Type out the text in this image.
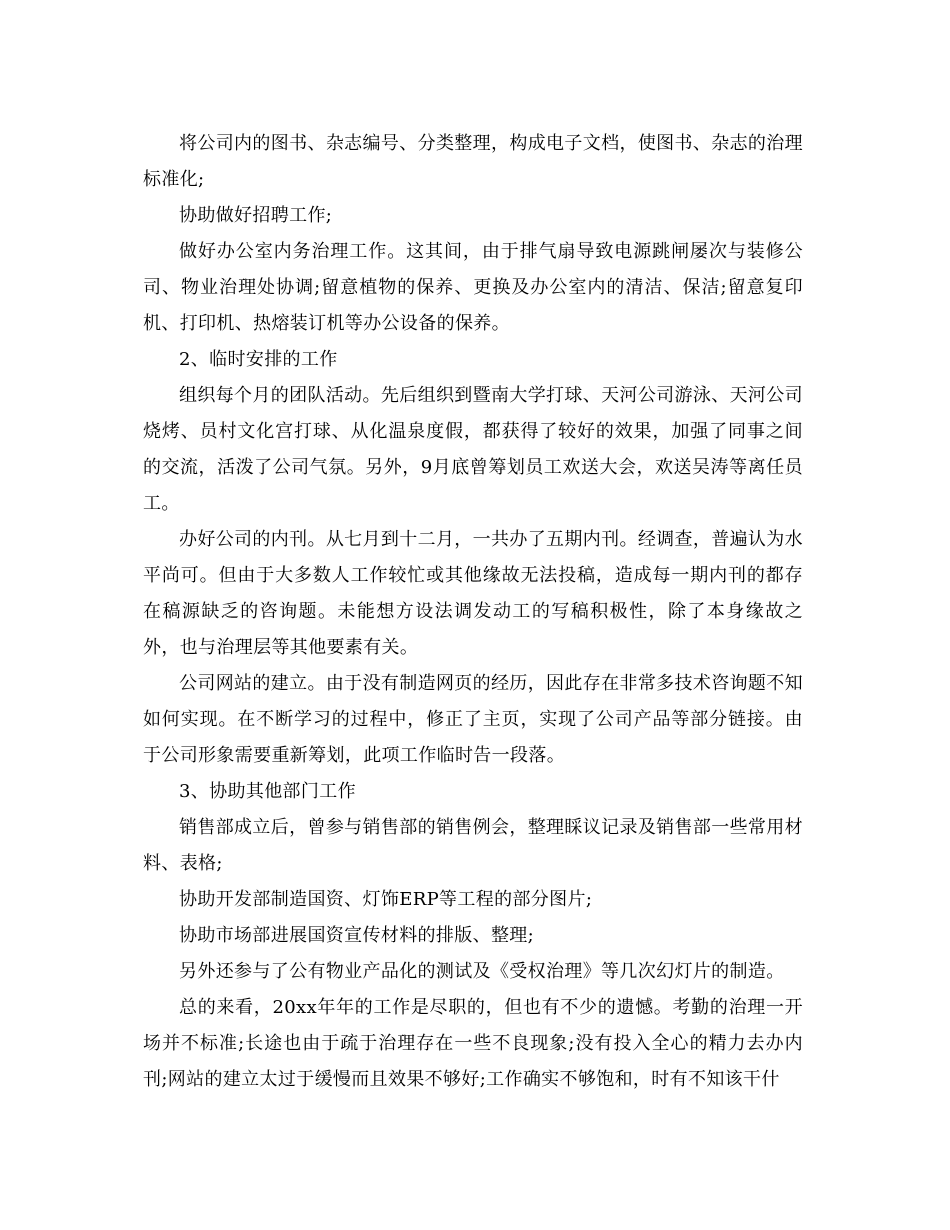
将公司内的图书、杂志编号、分类整理，构成电子文档，使图书、杂志的治理标准化;

协助做好招聘工作;

做好办公室内务治理工作。这其间，由于排气扇导致电源跳闸屡次与装修公司、物业治理处协调;留意植物的保养、更换及办公室内的清洁、保洁;留意复印机、打印机、热熔装订机等办公设备的保养。

2、临时安排的工作

组织每个月的团队活动。先后组织到暨南大学打球、天河公司游泳、天河公司烧烤、员村文化宫打球、从化温泉度假，都获得了较好的效果，加强了同事之间的交流，活泼了公司气氛。另外，9月底曾筹划员工欢送大会，欢送吴涛等离任员工。

办好公司的内刊。从七月到十二月，一共办了五期内刊。经调查，普遍认为水平尚可。但由于大多数人工作较忙或其他缘故无法投稿，造成每一期内刊的都存在稿源缺乏的咨询题。未能想方设法调发动工的写稿积极性，除了本身缘故之外，也与治理层等其他要素有关。

公司网站的建立。由于没有制造网页的经历，因此存在非常多技术咨询题不知如何实现。在不断学习的过程中，修正了主页，实现了公司产品等部分链接。由于公司形象需要重新筹划，此项工作临时告一段落。

3、协助其他部门工作

销售部成立后，曾参与销售部的销售例会，整理睬议记录及销售部一些常用材料、表格;

协助开发部制造国资、灯饰ERP等工程的部分图片;

协助市场部进展国资宣传材料的排版、整理;

另外还参与了公有物业产品化的测试及《受权治理》等几次幻灯片的制造。

总的来看，20xx年年的工作是尽职的，但也有不少的遗憾。考勤的治理一开场并不标准;长途也由于疏于治理存在一些不良现象;没有投入全心的精力去办内刊;网站的建立太过于缓慢而且效果不够好;工作确实不够饱和，时有不知该干什
